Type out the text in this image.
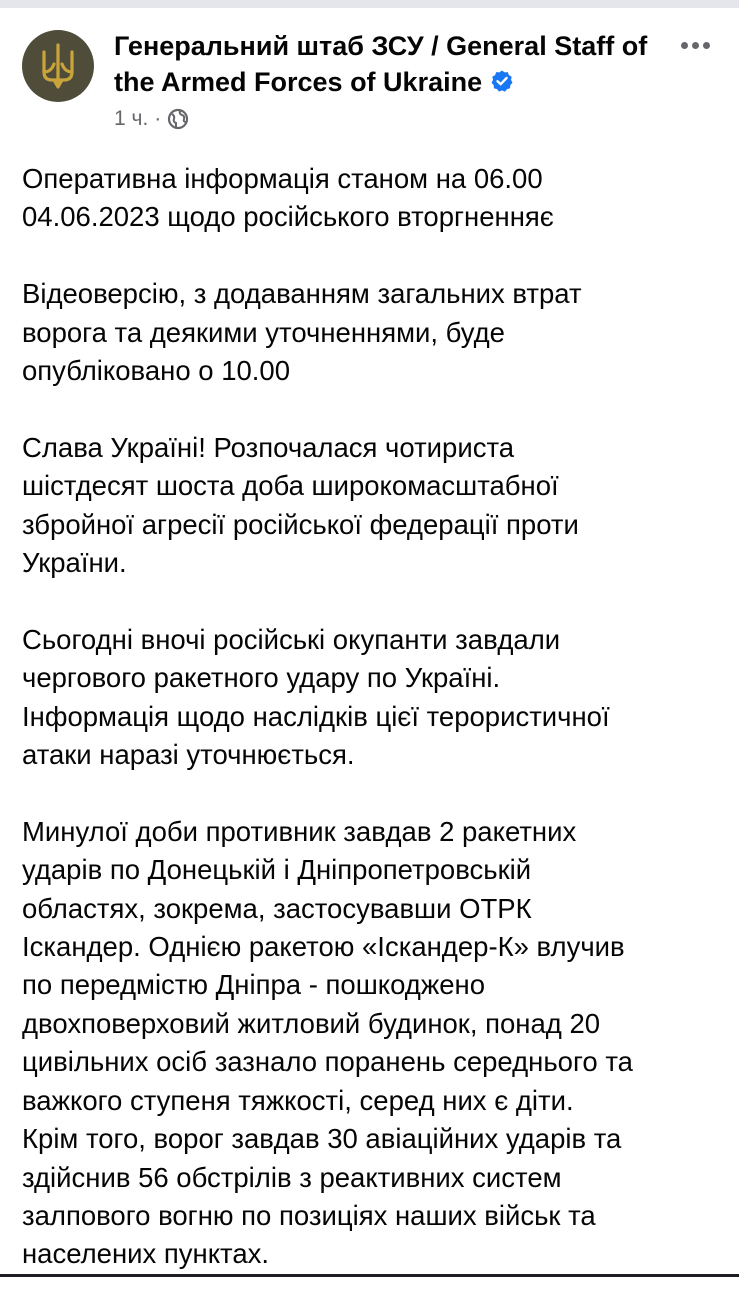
Генеральний штаб ЗСУ / General Staff of the Armed Forces of Ukraine
1 ч. ·

Оперативна інформація станом на 06.00
04.06.2023 щодо російського вторгненняє

Відеоверсію, з додаванням загальних втрат
ворога та деякими уточненнями, буде
опубліковано о 10.00

Слава Україні! Розпочалася чотириста
шістдесят шоста доба широкомасштабної
збройної агресії російської федерації проти
України.

Сьогодні вночі російські окупанти завдали
чергового ракетного удару по Україні.
Інформація щодо наслідків цієї терористичної
атаки наразі уточнюється.

Минулої доби противник завдав 2 ракетних
ударів по Донецькій і Дніпропетровській
областях, зокрема, застосувавши ОТРК
Іскандер. Однією ракетою «Іскандер-К» влучив
по передмістю Дніпра - пошкоджено
двохповерховий житловий будинок, понад 20
цивільних осіб зазнало поранень середнього та
важкого ступеня тяжкості, серед них є діти.
Крім того, ворог завдав 30 авіаційних ударів та
здійснив 56 обстрілів з реактивних систем
залпового вогню по позиціях наших військ та
населених пунктах.
